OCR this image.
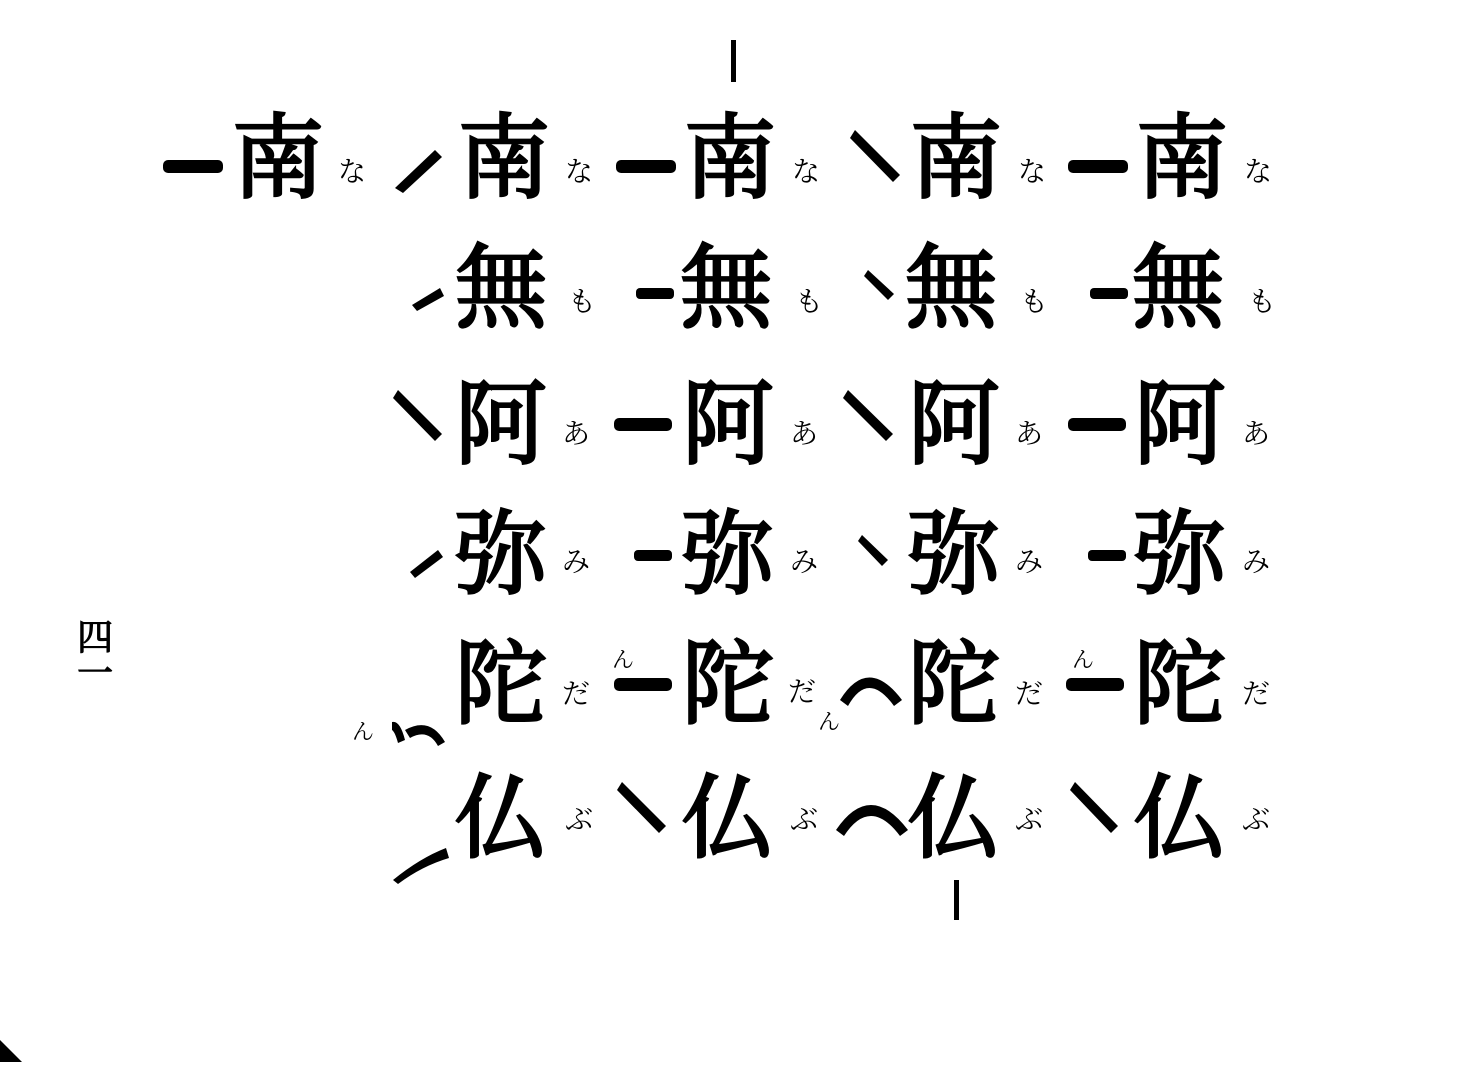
南 な 南 な
無 も
阿 あ
弥 み
陀 だ
ん
ん
仏 ぶ
南 な
無 も
阿 あ
弥 み
陀 だ
ん
仏 ぶ
南 な
無 も
阿 あ
弥 み
陀 だ
ん
仏 ぶ
南 な
無 も
阿 あ
弥 み
陀 だ
仏 ぶ
四一
